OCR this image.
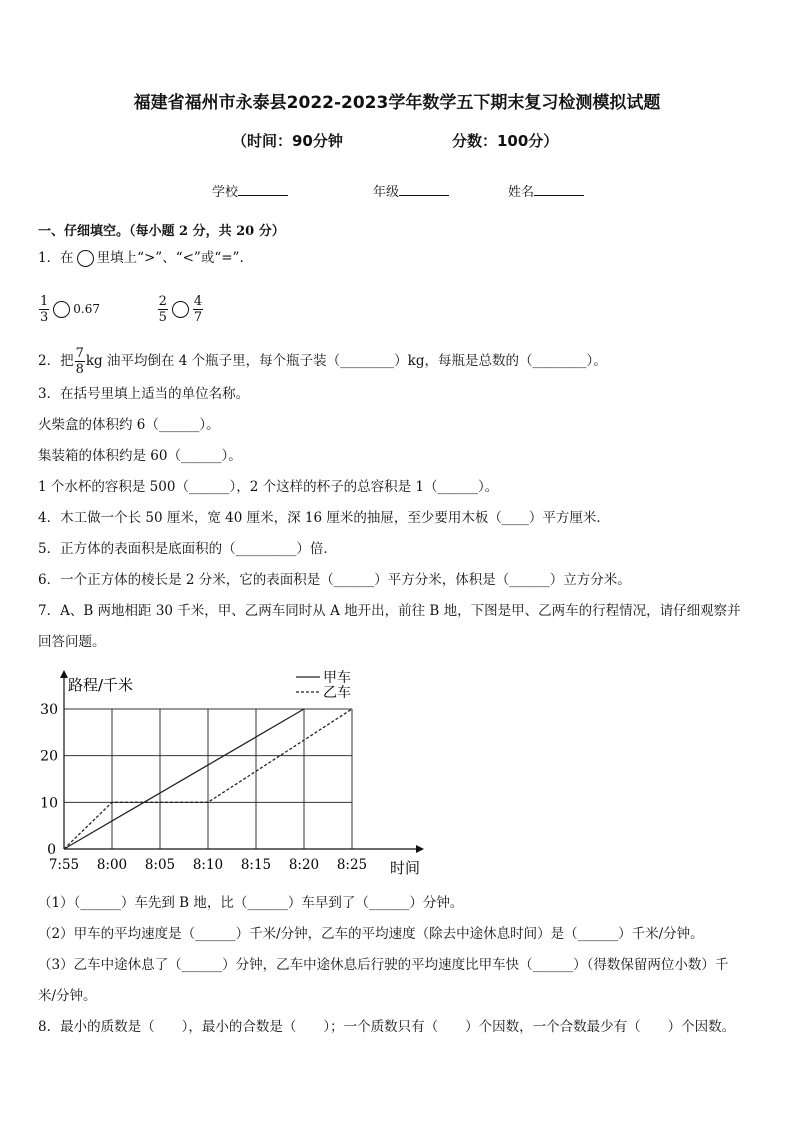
福建省福州市永泰县2022-2023学年数学五下期末复习检测模拟试题
（时间：90分钟	分数：100分）
学校	年级	姓名
一、仔细填空。（每小题 2 分，共 20 分）
1．在 里填上“>”、“<”或“=”.
$\frac{1}{3} 0.67$	$\frac{2}{5} \frac{4}{7}$
2．把 $\frac{7}{8}$ kg 油平均倒在 4 个瓶子里，每个瓶子装（________）kg，每瓶是总数的（________）。
3．在括号里填上适当的单位名称。
火柴盒的体积约 6（______）。
集装箱的体积约是 60（______）。
1 个水杯的容积是 500（______），2 个这样的杯子的总容积是 1（______）。
4．木工做一个长 50 厘米，宽 40 厘米，深 16 厘米的抽屉，至少要用木板（____）平方厘米．
5．正方体的表面积是底面积的（_________）倍．
6．一个正方体的棱长是 2 分米，它的表面积是（______）平方分米，体积是（______）立方分米。
7．A、B 两地相距 30 千米，甲、乙两车同时从 A 地开出，前往 B 地，下图是甲、乙两车的行程情况，请仔细观察并
回答问题。
0
10
20
30
7:55 8:00 8:05 8:10 8:15 8:20 8:25
路程/千米
时间
甲车
乙车
（1）（______）车先到 B 地，比（______）车早到了（______）分钟。
（2）甲车的平均速度是（______）千米/分钟，乙车的平均速度（除去中途休息时间）是（______）千米/分钟。
（3）乙车中途休息了（______）分钟，乙车中途休息后行驶的平均速度比甲车快（______）（得数保留两位小数）千
米/分钟。
8．最小的质数是（　　），最小的合数是（　　）；一个质数只有（　　）个因数，一个合数最少有（　　）个因数。
